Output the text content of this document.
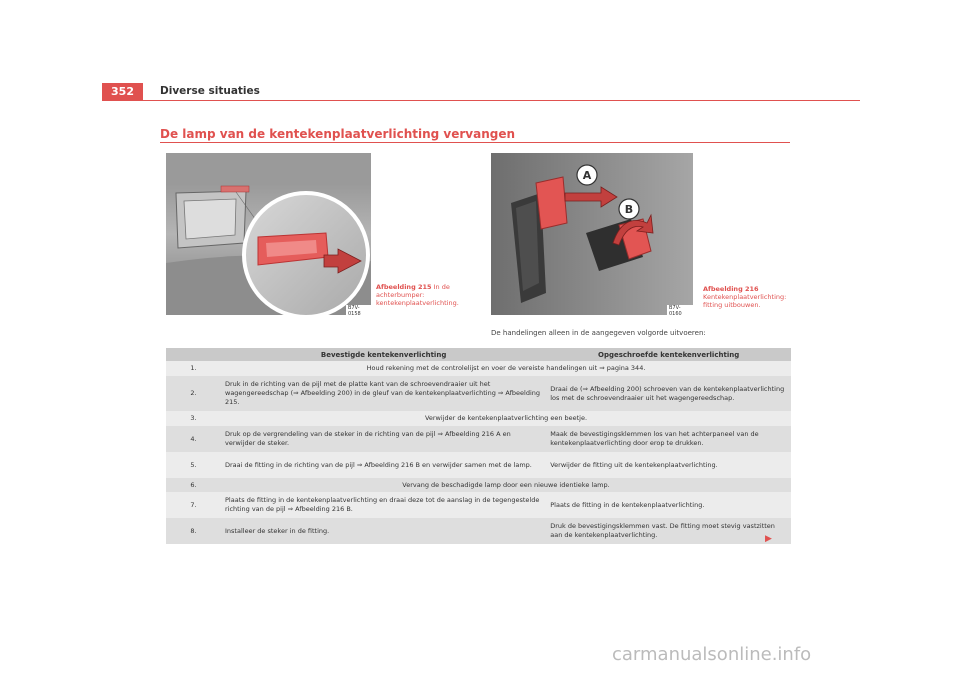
352	Diverse situaties
De lamp van de kentekenplaatverlichting vervangen
B7V-0158
Afbeelding 215 In de achterbumper: kentekenplaatverlichting.
A
B
B7V-0160
Afbeelding 216 Kentekenplaatverlichting: fitting uitbouwen.
De handelingen alleen in de aangegeven volgorde uitvoeren:
	Bevestigde kentekenverlichting	Opgeschroefde kentekenverlichting
1.	Houd rekening met de controlelijst en voer de vereiste handelingen uit ⇒ pagina 344.	
2.	Druk in de richting van de pijl met de platte kant van de schroevendraaier uit het wagengereedschap (⇒ Afbeelding 200) in de gleuf van de kentekenplaatverlichting ⇒ Afbeelding 215.	Draai de (⇒ Afbeelding 200) schroeven van de kentekenplaatverlichting los met de schroevendraaier uit het wagengereedschap.
3.	Verwijder de kentekenplaatverlichting een beetje.	
4.	Druk op de vergrendeling van de steker in de richting van de pijl ⇒ Afbeelding 216 A en verwijder de steker.	Maak de bevestigingsklemmen los van het achterpaneel van de kentekenplaatverlichting door erop te drukken.
5.	Draai de fitting in de richting van de pijl ⇒ Afbeelding 216 B en verwijder samen met de lamp.	Verwijder de fitting uit de kentekenplaatverlichting.
6.	Vervang de beschadigde lamp door een nieuwe identieke lamp.	
7.	Plaats de fitting in de kentekenplaatverlichting en draai deze tot de aanslag in de tegengestelde richting van de pijl ⇒ Afbeelding 216 B.	Plaats de fitting in de kentekenplaatverlichting.
8.	Installeer de steker in de fitting.	Druk de bevestigingsklemmen vast. De fitting moet stevig vastzitten aan de kentekenplaatverlichting.	▶
carmanualsonline.info
